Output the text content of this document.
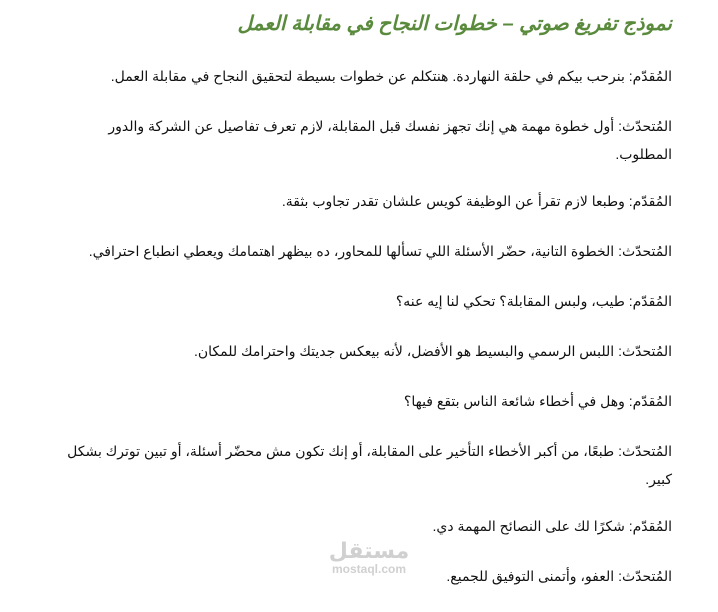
نموذج تفريغ صوتي – خطوات النجاح في مقابلة العمل

المُقدّم: بنرحب بيكم في حلقة النهاردة. هنتكلم عن خطوات بسيطة لتحقيق النجاح في مقابلة العمل.

المُتحدّث: أول خطوة مهمة هي إنك تجهز نفسك قبل المقابلة، لازم تعرف تفاصيل عن الشركة والدور المطلوب.

المُقدّم: وطبعا لازم تقرأ عن الوظيفة كويس علشان تقدر تجاوب بثقة.

المُتحدّث: الخطوة التانية، حضّر الأسئلة اللي تسألها للمحاور، ده بيظهر اهتمامك ويعطي انطباع احترافي.

المُقدّم: طيب، ولبس المقابلة؟ تحكي لنا إيه عنه؟

المُتحدّث: اللبس الرسمي والبسيط هو الأفضل، لأنه بيعكس جديتك واحترامك للمكان.

المُقدّم: وهل في أخطاء شائعة الناس بتقع فيها؟

المُتحدّث: طبعًا، من أكبر الأخطاء التأخير على المقابلة، أو إنك تكون مش محضّر أسئلة، أو تبين توترك بشكل كبير.

المُقدّم: شكرًا لك على النصائح المهمة دي.

المُتحدّث: العفو، وأتمنى التوفيق للجميع.

مستقل
mostaql.com
